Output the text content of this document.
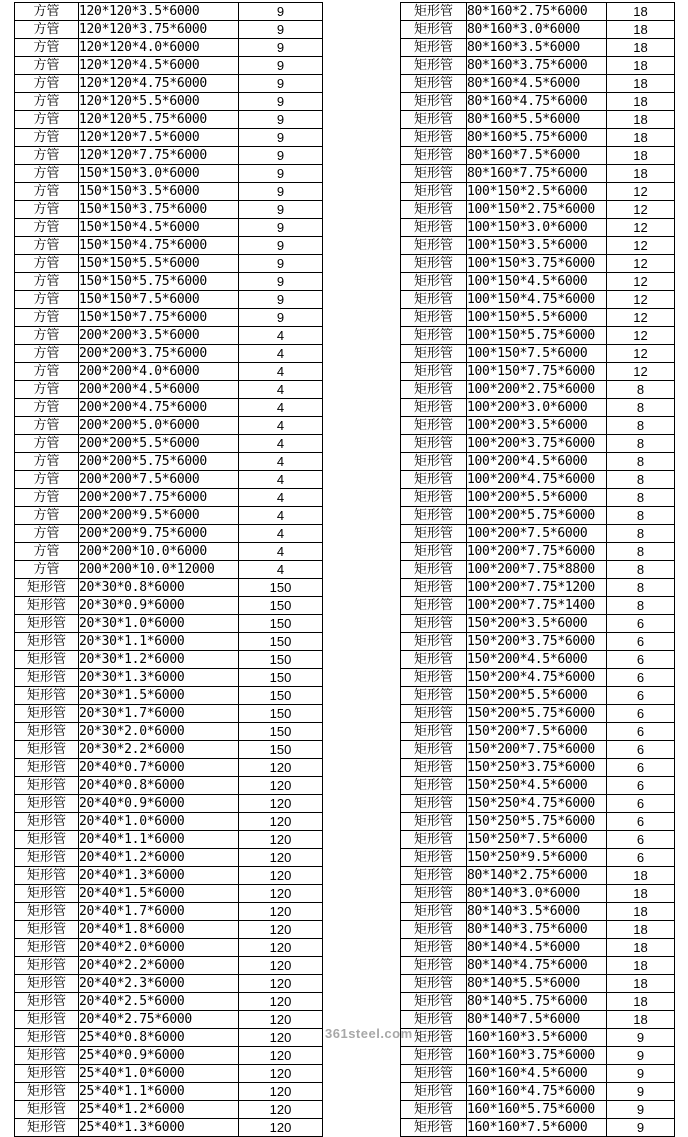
方管	120*120*3.5*6000	9
方管	120*120*3.75*6000	9
方管	120*120*4.0*6000	9
方管	120*120*4.5*6000	9
方管	120*120*4.75*6000	9
方管	120*120*5.5*6000	9
方管	120*120*5.75*6000	9
方管	120*120*7.5*6000	9
方管	120*120*7.75*6000	9
方管	150*150*3.0*6000	9
方管	150*150*3.5*6000	9
方管	150*150*3.75*6000	9
方管	150*150*4.5*6000	9
方管	150*150*4.75*6000	9
方管	150*150*5.5*6000	9
方管	150*150*5.75*6000	9
方管	150*150*7.5*6000	9
方管	150*150*7.75*6000	9
方管	200*200*3.5*6000	4
方管	200*200*3.75*6000	4
方管	200*200*4.0*6000	4
方管	200*200*4.5*6000	4
方管	200*200*4.75*6000	4
方管	200*200*5.0*6000	4
方管	200*200*5.5*6000	4
方管	200*200*5.75*6000	4
方管	200*200*7.5*6000	4
方管	200*200*7.75*6000	4
方管	200*200*9.5*6000	4
方管	200*200*9.75*6000	4
方管	200*200*10.0*6000	4
方管	200*200*10.0*12000	4
矩形管	20*30*0.8*6000	150
矩形管	20*30*0.9*6000	150
矩形管	20*30*1.0*6000	150
矩形管	20*30*1.1*6000	150
矩形管	20*30*1.2*6000	150
矩形管	20*30*1.3*6000	150
矩形管	20*30*1.5*6000	150
矩形管	20*30*1.7*6000	150
矩形管	20*30*2.0*6000	150
矩形管	20*30*2.2*6000	150
矩形管	20*40*0.7*6000	120
矩形管	20*40*0.8*6000	120
矩形管	20*40*0.9*6000	120
矩形管	20*40*1.0*6000	120
矩形管	20*40*1.1*6000	120
矩形管	20*40*1.2*6000	120
矩形管	20*40*1.3*6000	120
矩形管	20*40*1.5*6000	120
矩形管	20*40*1.7*6000	120
矩形管	20*40*1.8*6000	120
矩形管	20*40*2.0*6000	120
矩形管	20*40*2.2*6000	120
矩形管	20*40*2.3*6000	120
矩形管	20*40*2.5*6000	120
矩形管	20*40*2.75*6000	120
矩形管	25*40*0.8*6000	120
矩形管	25*40*0.9*6000	120
矩形管	25*40*1.0*6000	120
矩形管	25*40*1.1*6000	120
矩形管	25*40*1.2*6000	120
矩形管	25*40*1.3*6000	120
矩形管	80*160*2.75*6000	18
矩形管	80*160*3.0*6000	18
矩形管	80*160*3.5*6000	18
矩形管	80*160*3.75*6000	18
矩形管	80*160*4.5*6000	18
矩形管	80*160*4.75*6000	18
矩形管	80*160*5.5*6000	18
矩形管	80*160*5.75*6000	18
矩形管	80*160*7.5*6000	18
矩形管	80*160*7.75*6000	18
矩形管	100*150*2.5*6000	12
矩形管	100*150*2.75*6000	12
矩形管	100*150*3.0*6000	12
矩形管	100*150*3.5*6000	12
矩形管	100*150*3.75*6000	12
矩形管	100*150*4.5*6000	12
矩形管	100*150*4.75*6000	12
矩形管	100*150*5.5*6000	12
矩形管	100*150*5.75*6000	12
矩形管	100*150*7.5*6000	12
矩形管	100*150*7.75*6000	12
矩形管	100*200*2.75*6000	8
矩形管	100*200*3.0*6000	8
矩形管	100*200*3.5*6000	8
矩形管	100*200*3.75*6000	8
矩形管	100*200*4.5*6000	8
矩形管	100*200*4.75*6000	8
矩形管	100*200*5.5*6000	8
矩形管	100*200*5.75*6000	8
矩形管	100*200*7.5*6000	8
矩形管	100*200*7.75*6000	8
矩形管	100*200*7.75*8800	8
矩形管	100*200*7.75*1200	8
矩形管	100*200*7.75*1400	8
矩形管	150*200*3.5*6000	6
矩形管	150*200*3.75*6000	6
矩形管	150*200*4.5*6000	6
矩形管	150*200*4.75*6000	6
矩形管	150*200*5.5*6000	6
矩形管	150*200*5.75*6000	6
矩形管	150*200*7.5*6000	6
矩形管	150*200*7.75*6000	6
矩形管	150*250*3.75*6000	6
矩形管	150*250*4.5*6000	6
矩形管	150*250*4.75*6000	6
矩形管	150*250*5.75*6000	6
矩形管	150*250*7.5*6000	6
矩形管	150*250*9.5*6000	6
矩形管	80*140*2.75*6000	18
矩形管	80*140*3.0*6000	18
矩形管	80*140*3.5*6000	18
矩形管	80*140*3.75*6000	18
矩形管	80*140*4.5*6000	18
矩形管	80*140*4.75*6000	18
矩形管	80*140*5.5*6000	18
矩形管	80*140*5.75*6000	18
矩形管	80*140*7.5*6000	18
矩形管	160*160*3.5*6000	9
矩形管	160*160*3.75*6000	9
矩形管	160*160*4.5*6000	9
矩形管	160*160*4.75*6000	9
矩形管	160*160*5.75*6000	9
矩形管	160*160*7.5*6000	9
361steel.com
